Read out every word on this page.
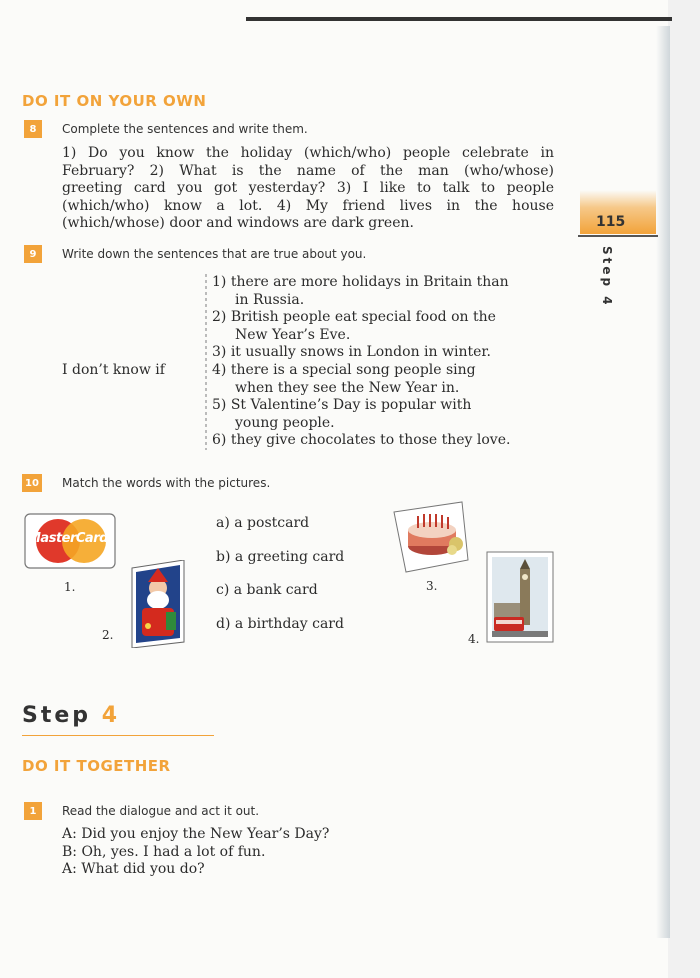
DO IT ON YOUR OWN
8	Complete the sentences and write them.
1) Do you know the holiday (which/who) people celebrate in
February? 2) What is the name of the man (who/whose)
greeting card you got yesterday? 3) I like to talk to people
(which/who) know a lot. 4) My friend lives in the house
(which/whose) door and windows are dark green.	115
Step 4
9	Write down the sentences that are true about you.
I don’t know if
1) there are more holidays in Britain than
in Russia.
2) British people eat special food on the
New Year’s Eve.
3) it usually snows in London in winter.
4) there is a special song people sing
when they see the New Year in.
5) St Valentine’s Day is popular with
young people.
6) they give chocolates to those they love.
10 Match the words with the pictures.
MasterCard
1.
2.
a) a postcard
b) a greeting card
c) a bank card
d) a birthday card
3.
4.
Step 4
DO IT TOGETHER
1	Read the dialogue and act it out.
A: Did you enjoy the New Year’s Day?
B: Oh, yes. I had a lot of fun.
A: What did you do?
